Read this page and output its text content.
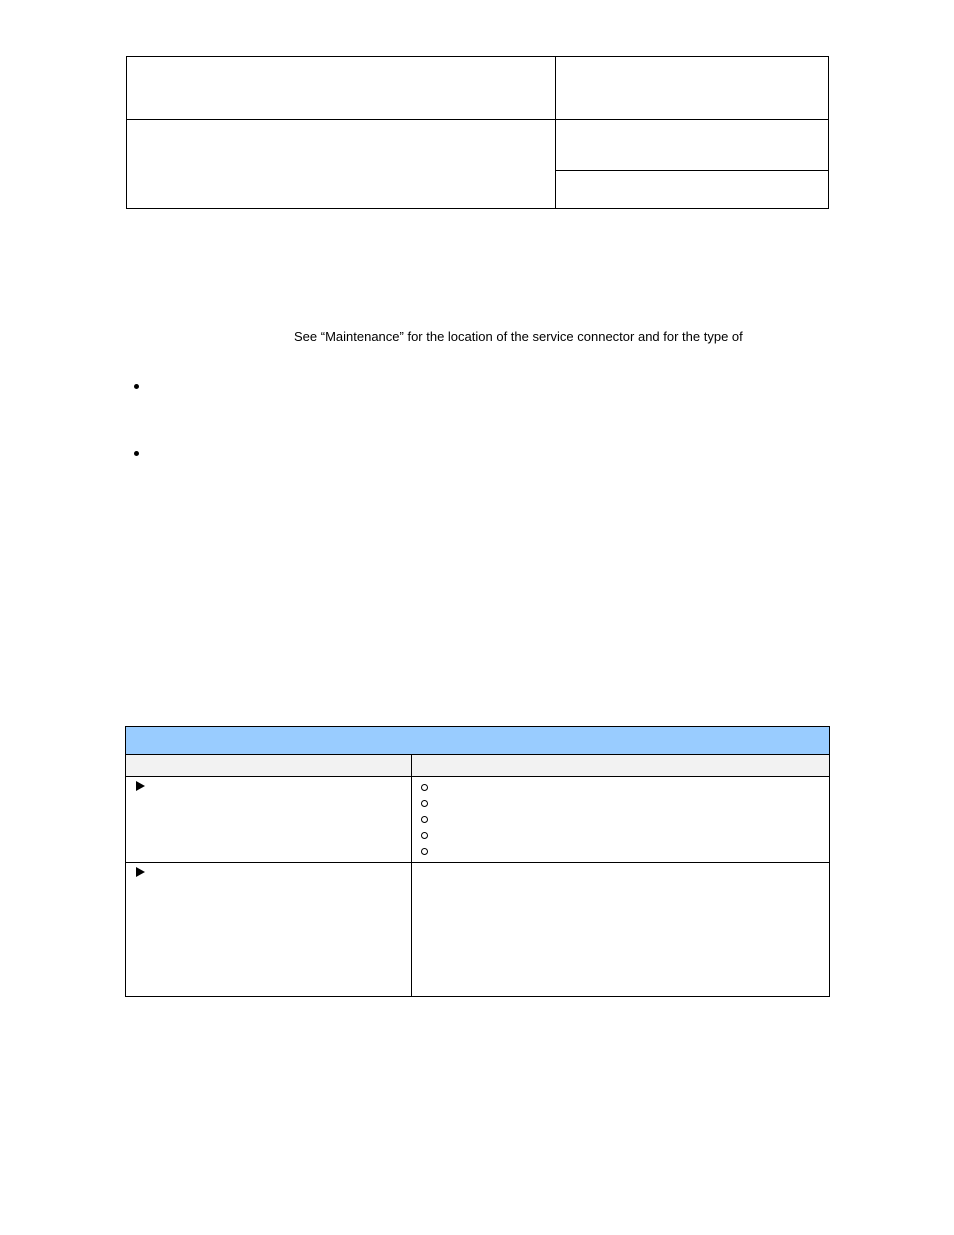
See “Maintenance” for the location of the service connector and for the type of
